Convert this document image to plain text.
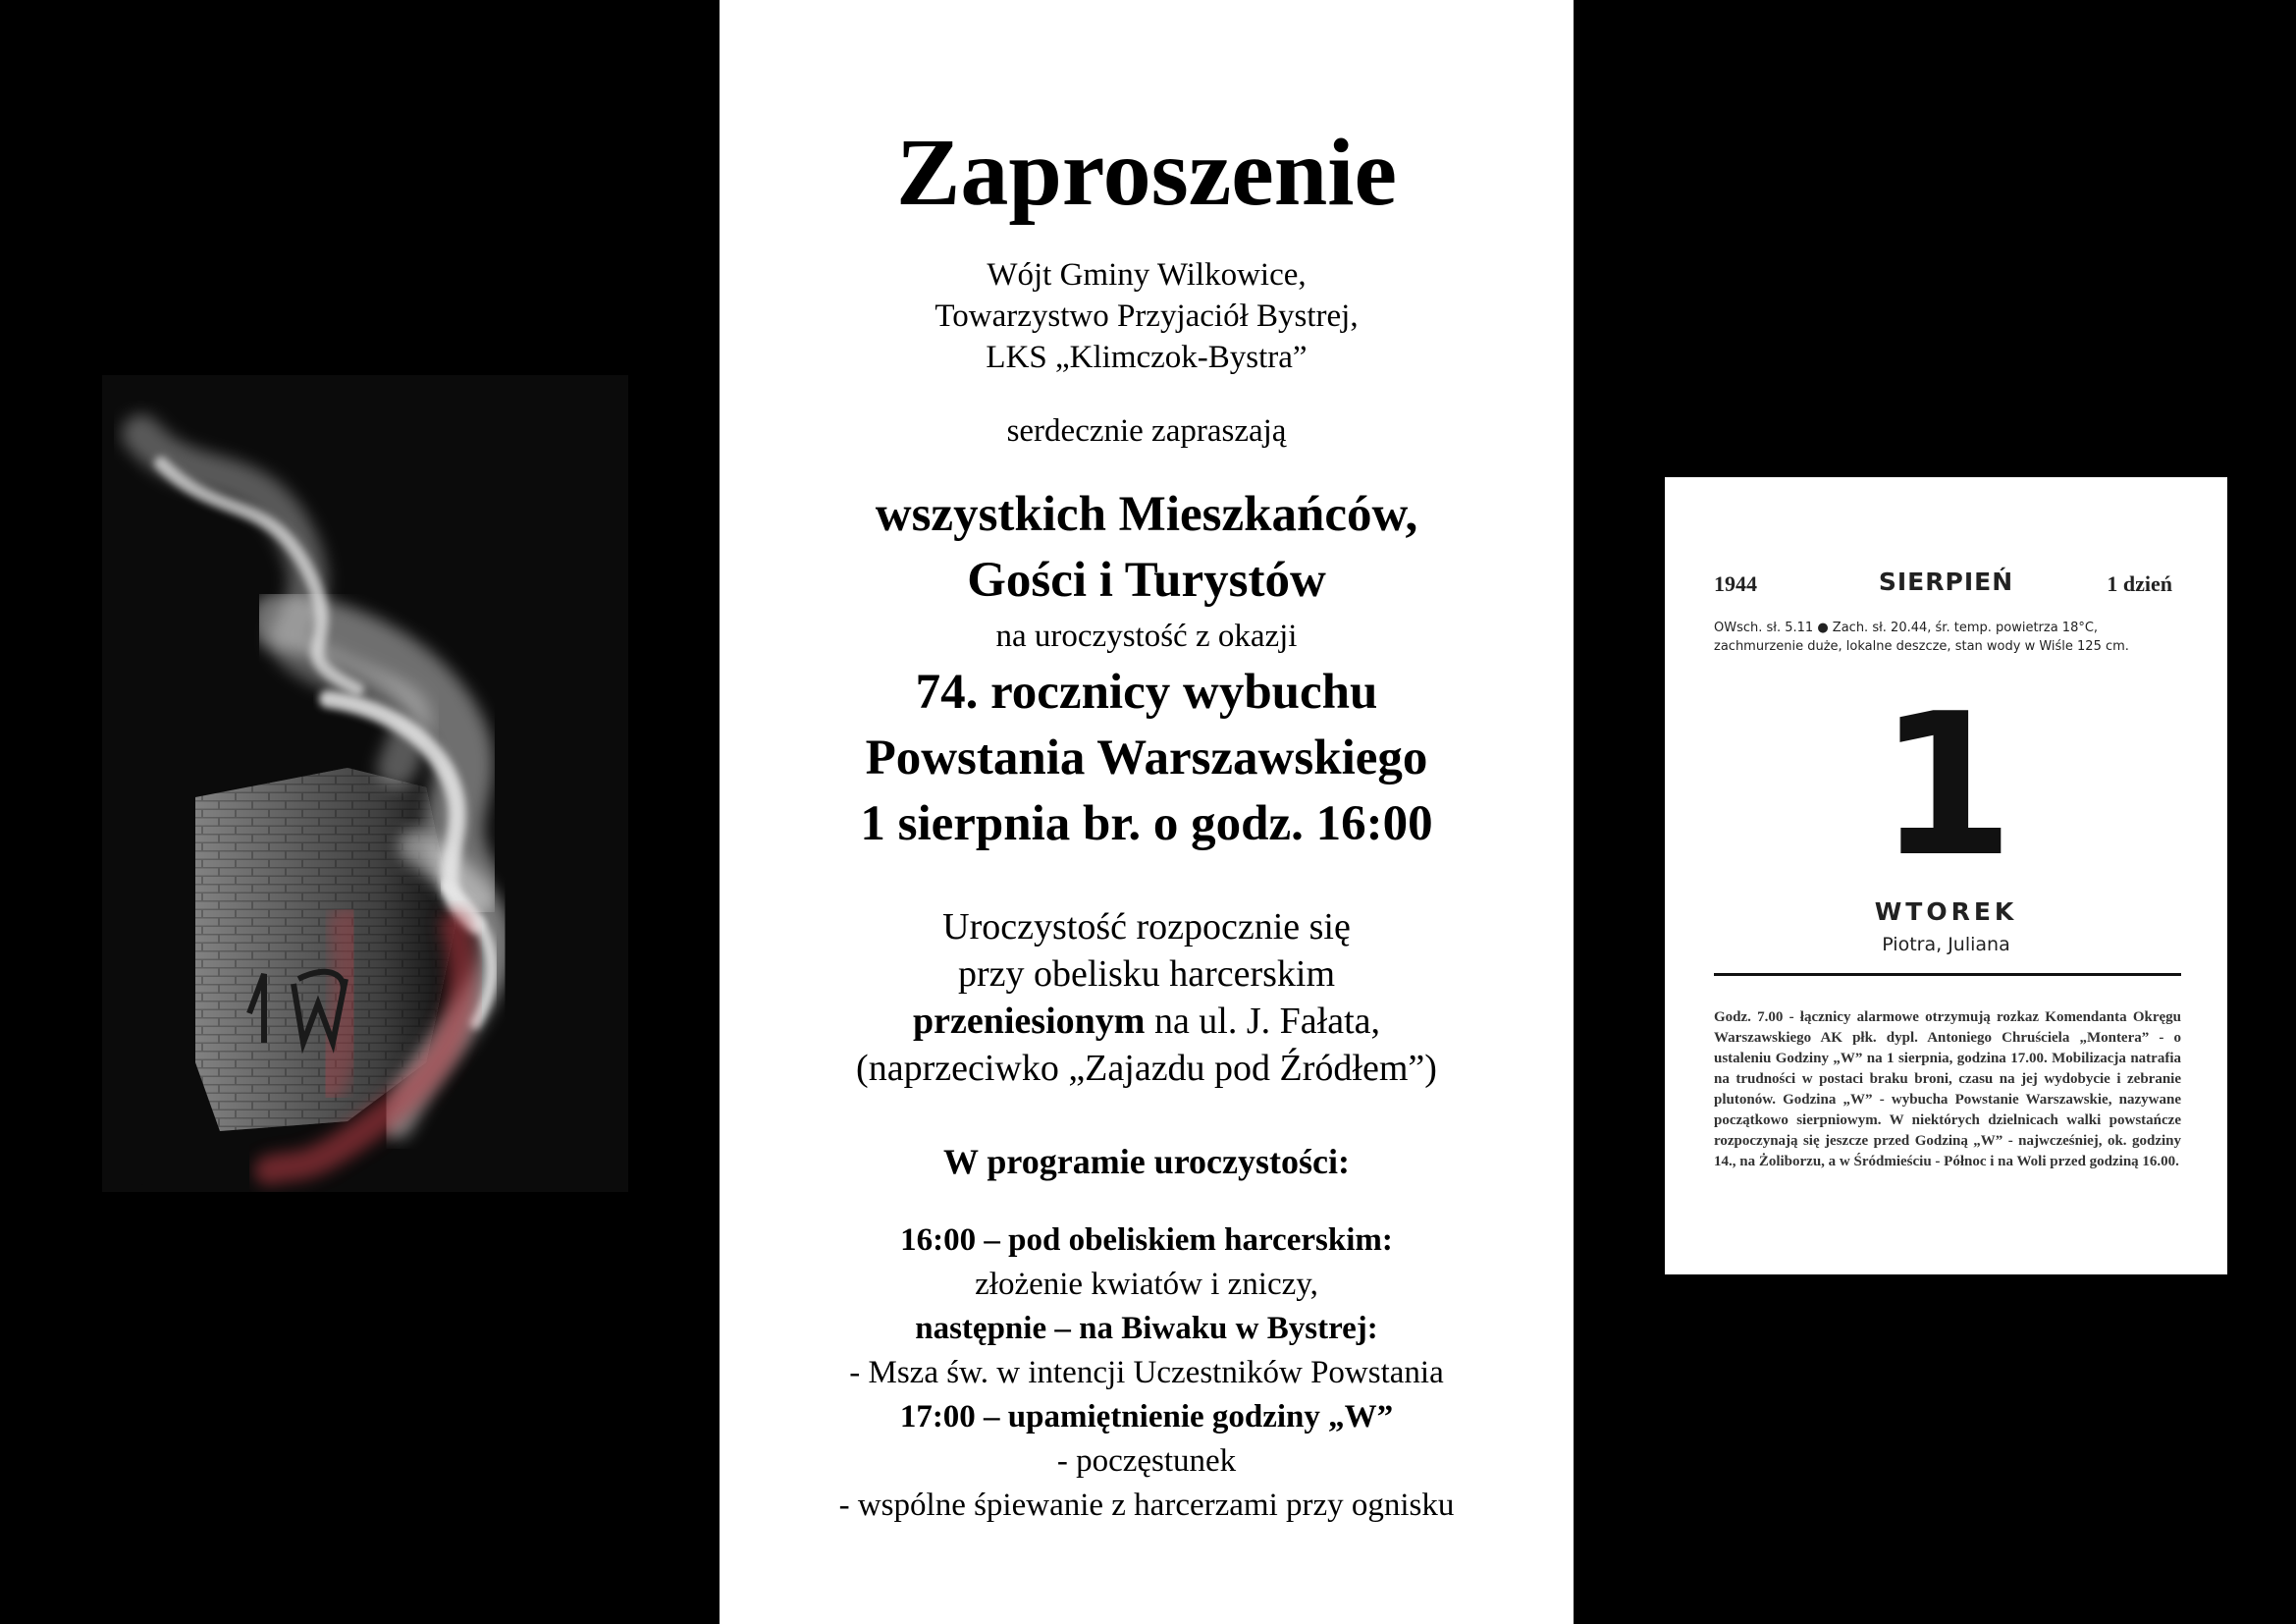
1 Ⓦ
Zaproszenie

Wójt Gminy Wilkowice,

Towarzystwo Przyjaciół Bystrej,

LKS „Klimczok-Bystra”

serdecznie zapraszają

wszystkich Mieszkańców,

Gości i Turystów

na uroczystość z okazji

74. rocznicy wybuchu

Powstania Warszawskiego

1 sierpnia br. o godz. 16:00

Uroczystość rozpocznie się

przy obelisku harcerskim

przeniesionym na ul. J. Fałata,

(naprzeciwko „Zajazdu pod Źródłem”)

W programie uroczystości:

16:00 – pod obeliskiem harcerskim:

złożenie kwiatów i zniczy,

następnie – na Biwaku w Bystrej:

- Msza św. w intencji Uczestników Powstania

17:00 – upamiętnienie godziny „W”

- poczęstunek

- wspólne śpiewanie z harcerzami przy ognisku

1944	SIERPIEŃ	1 dzień
OWsch. sł. 5.11 ● Zach. sł. 20.44, śr. temp. powietrza 18°C, zachmurzenie duże, lokalne deszcze, stan wody w Wiśle 125 cm.
1
WTOREK
Piotra, Juliana
Godz. 7.00 - łącznicy alarmowe otrzymują rozkaz Komendanta Okręgu Warszawskiego AK płk. dypl. Antoniego Chruściela „Montera” - o ustaleniu Godziny „W” na 1 sierpnia, godzina 17.00. Mobilizacja natrafia na trudności w postaci braku broni, czasu na jej wydobycie i zebranie plutonów. Godzina „W” - wybucha Powstanie Warszawskie, nazywane początkowo sierpniowym. W niektórych dzielnicach walki powstańcze rozpoczynają się jeszcze przed Godziną „W” - najwcześniej, ok. godziny 14., na Żoliborzu, a w Śródmieściu - Północ i na Woli przed godziną 16.00.
